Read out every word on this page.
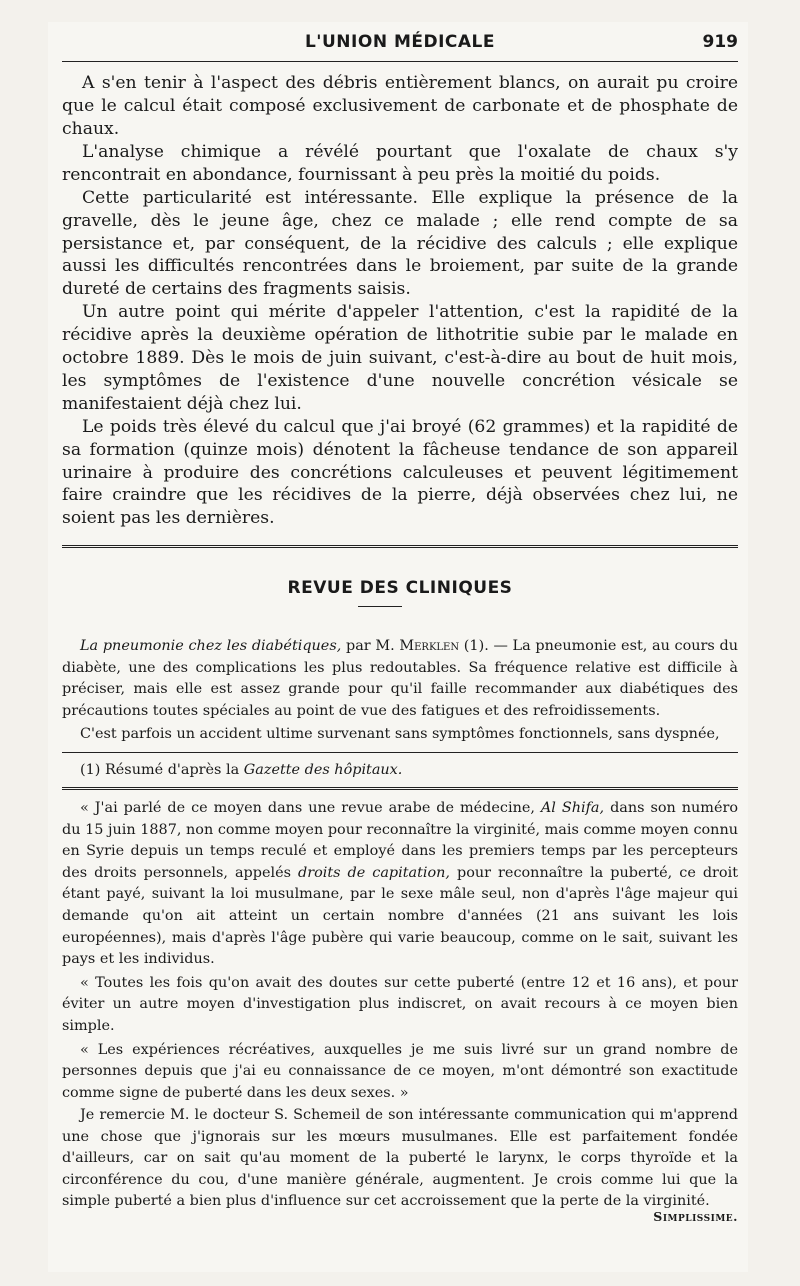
L'UNION MÉDICALE	919

A s'en tenir à l'aspect des débris entièrement blancs, on aurait pu croire que le calcul était composé exclusivement de carbonate et de phosphate de chaux.

L'analyse chimique a révélé pourtant que l'oxalate de chaux s'y rencontrait en abondance, fournissant à peu près la moitié du poids.

Cette particularité est intéressante. Elle explique la présence de la gravelle, dès le jeune âge, chez ce malade ; elle rend compte de sa persistance et, par conséquent, de la récidive des calculs ; elle explique aussi les difficultés rencontrées dans le broiement, par suite de la grande dureté de certains des fragments saisis.

Un autre point qui mérite d'appeler l'attention, c'est la rapidité de la récidive après la deuxième opération de lithotritie subie par le malade en octobre 1889. Dès le mois de juin suivant, c'est-à-dire au bout de huit mois, les symptômes de l'existence d'une nouvelle concrétion vésicale se manifestaient déjà chez lui.

Le poids très élevé du calcul que j'ai broyé (62 grammes) et la rapidité de sa formation (quinze mois) dénotent la fâcheuse tendance de son appareil urinaire à produire des concrétions calculeuses et peuvent légitimement faire craindre que les récidives de la pierre, déjà observées chez lui, ne soient pas les dernières.

REVUE DES CLINIQUES

La pneumonie chez les diabétiques, par M. Merklen (1). — La pneumonie est, au cours du diabète, une des complications les plus redoutables. Sa fréquence relative est difficile à préciser, mais elle est assez grande pour qu'il faille recommander aux diabétiques des précautions toutes spéciales au point de vue des fatigues et des refroidissements.

C'est parfois un accident ultime survenant sans symptômes fonctionnels, sans dyspnée,

(1) Résumé d'après la Gazette des hôpitaux.

« J'ai parlé de ce moyen dans une revue arabe de médecine, Al Shifa, dans son numéro du 15 juin 1887, non comme moyen pour reconnaître la virginité, mais comme moyen connu en Syrie depuis un temps reculé et employé dans les premiers temps par les percepteurs des droits personnels, appelés droits de capitation, pour reconnaître la puberté, ce droit étant payé, suivant la loi musulmane, par le sexe mâle seul, non d'après l'âge majeur qui demande qu'on ait atteint un certain nombre d'années (21 ans suivant les lois européennes), mais d'après l'âge pubère qui varie beaucoup, comme on le sait, suivant les pays et les individus.

« Toutes les fois qu'on avait des doutes sur cette puberté (entre 12 et 16 ans), et pour éviter un autre moyen d'investigation plus indiscret, on avait recours à ce moyen bien simple.

« Les expériences récréatives, auxquelles je me suis livré sur un grand nombre de personnes depuis que j'ai eu connaissance de ce moyen, m'ont démontré son exactitude comme signe de puberté dans les deux sexes. »

Je remercie M. le docteur S. Schemeil de son intéressante communication qui m'apprend une chose que j'ignorais sur les mœurs musulmanes. Elle est parfaitement fondée d'ailleurs, car on sait qu'au moment de la puberté le larynx, le corps thyroïde et la circonférence du cou, d'une manière générale, augmentent. Je crois comme lui que la simple puberté a bien plus d'influence sur cet accroissement que la perte de la virginité.

Simplissime.
